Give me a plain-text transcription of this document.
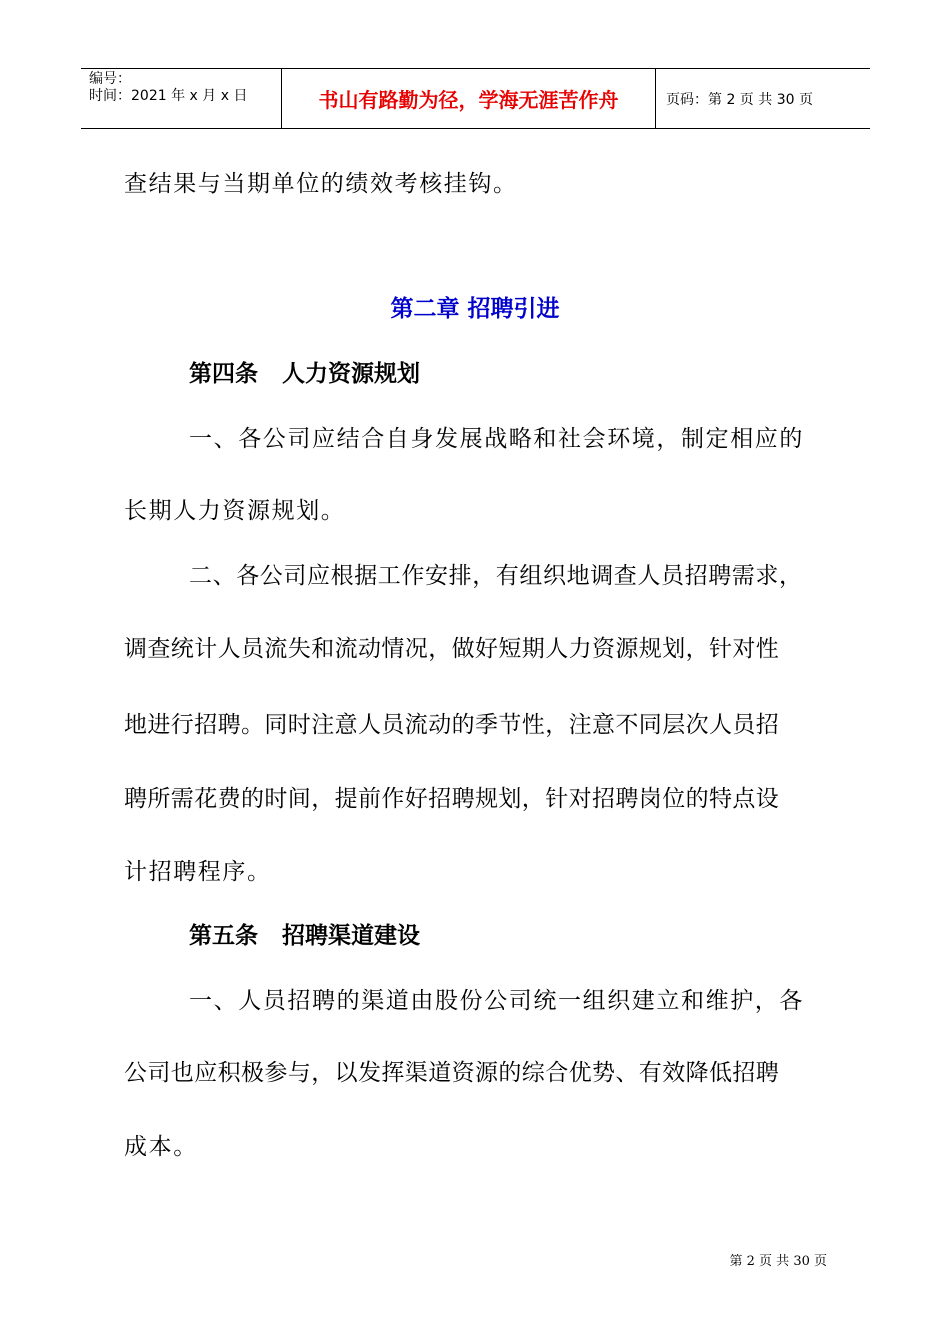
编号：
时间：2021 年 x 月 x 日	书山有路勤为径，学海无涯苦作舟	页码：第 2 页 共 30 页
查结果与当期单位的绩效考核挂钩。
第二章 招聘引进
第四条   人力资源规划
一、各公司应结合自身发展战略和社会环境，制定相应的
长期人力资源规划。
二、各公司应根据工作安排，有组织地调查人员招聘需求，
调查统计人员流失和流动情况，做好短期人力资源规划，针对性
地进行招聘。同时注意人员流动的季节性，注意不同层次人员招
聘所需花费的时间，提前作好招聘规划，针对招聘岗位的特点设
计招聘程序。
第五条   招聘渠道建设
一、人员招聘的渠道由股份公司统一组织建立和维护，各
公司也应积极参与，以发挥渠道资源的综合优势、有效降低招聘
成本。
第 2 页 共 30 页
